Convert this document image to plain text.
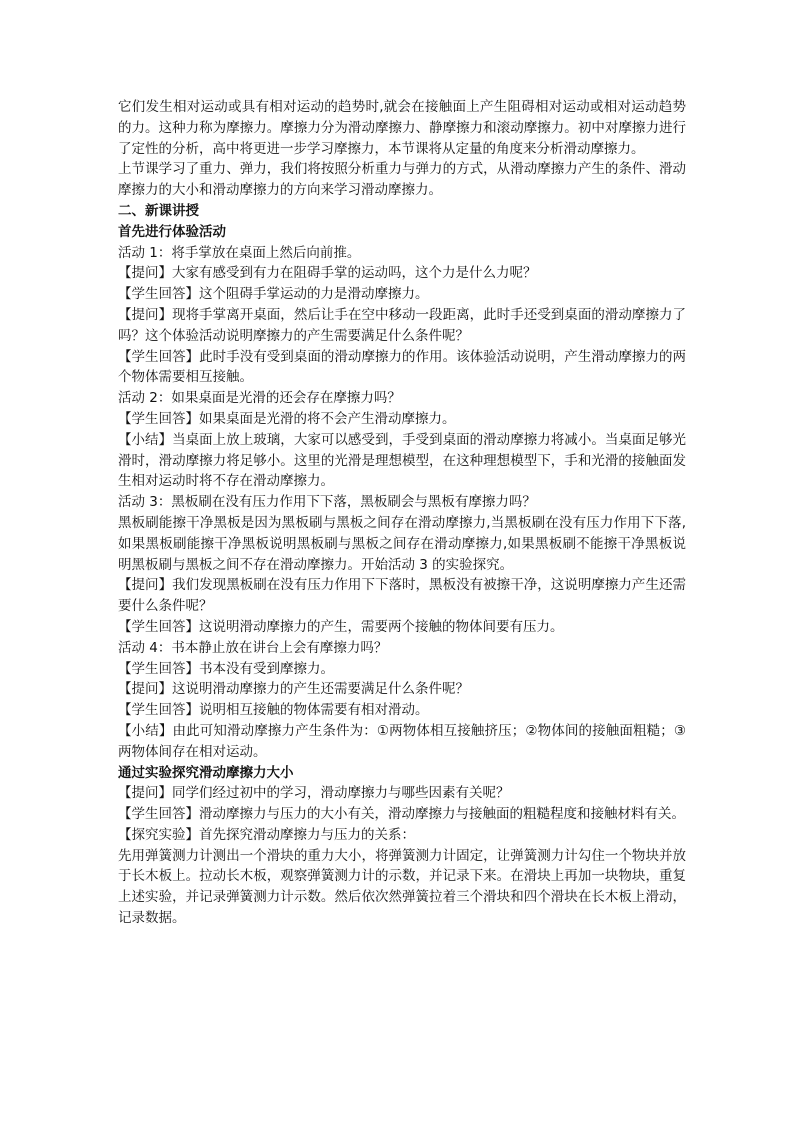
它们发生相对运动或具有相对运动的趋势时,就会在接触面上产生阻碍相对运动或相对运动趋势的力。这种力称为摩擦力。摩擦力分为滑动摩擦力、静摩擦力和滚动摩擦力。初中对摩擦力进行了定性的分析，高中将更进一步学习摩擦力，本节课将从定量的角度来分析滑动摩擦力。

上节课学习了重力、弹力，我们将按照分析重力与弹力的方式，从滑动摩擦力产生的条件、滑动摩擦力的大小和滑动摩擦力的方向来学习滑动摩擦力。

二、新课讲授

首先进行体验活动

活动 1：将手掌放在桌面上然后向前推。

【提问】大家有感受到有力在阻碍手掌的运动吗，这个力是什么力呢？

【学生回答】这个阻碍手掌运动的力是滑动摩擦力。

【提问】现将手掌离开桌面，然后让手在空中移动一段距离，此时手还受到桌面的滑动摩擦力了吗？这个体验活动说明摩擦力的产生需要满足什么条件呢？

【学生回答】此时手没有受到桌面的滑动摩擦力的作用。该体验活动说明，产生滑动摩擦力的两个物体需要相互接触。

活动 2：如果桌面是光滑的还会存在摩擦力吗？

【学生回答】如果桌面是光滑的将不会产生滑动摩擦力。

【小结】当桌面上放上玻璃，大家可以感受到，手受到桌面的滑动摩擦力将减小。当桌面足够光滑时，滑动摩擦力将足够小。这里的光滑是理想模型，在这种理想模型下，手和光滑的接触面发生相对运动时将不存在滑动摩擦力。

活动 3：黑板刷在没有压力作用下下落，黑板刷会与黑板有摩擦力吗？

黑板刷能擦干净黑板是因为黑板刷与黑板之间存在滑动摩擦力,当黑板刷在没有压力作用下下落,如果黑板刷能擦干净黑板说明黑板刷与黑板之间存在滑动摩擦力,如果黑板刷不能擦干净黑板说明黑板刷与黑板之间不存在滑动摩擦力。开始活动 3 的实验探究。

【提问】我们发现黑板刷在没有压力作用下下落时，黑板没有被擦干净，这说明摩擦力产生还需要什么条件呢？

【学生回答】这说明滑动摩擦力的产生，需要两个接触的物体间要有压力。

活动 4：书本静止放在讲台上会有摩擦力吗？

【学生回答】书本没有受到摩擦力。

【提问】这说明滑动摩擦力的产生还需要满足什么条件呢？

【学生回答】说明相互接触的物体需要有相对滑动。

【小结】由此可知滑动摩擦力产生条件为：①两物体相互接触挤压；②物体间的接触面粗糙；③两物体间存在相对运动。

通过实验探究滑动摩擦力大小

【提问】同学们经过初中的学习，滑动摩擦力与哪些因素有关呢？

【学生回答】滑动摩擦力与压力的大小有关，滑动摩擦力与接触面的粗糙程度和接触材料有关。

【探究实验】首先探究滑动摩擦力与压力的关系：

先用弹簧测力计测出一个滑块的重力大小，将弹簧测力计固定，让弹簧测力计勾住一个物块并放于长木板上。拉动长木板，观察弹簧测力计的示数，并记录下来。在滑块上再加一块物块，重复上述实验，并记录弹簧测力计示数。然后依次然弹簧拉着三个滑块和四个滑块在长木板上滑动，记录数据。
